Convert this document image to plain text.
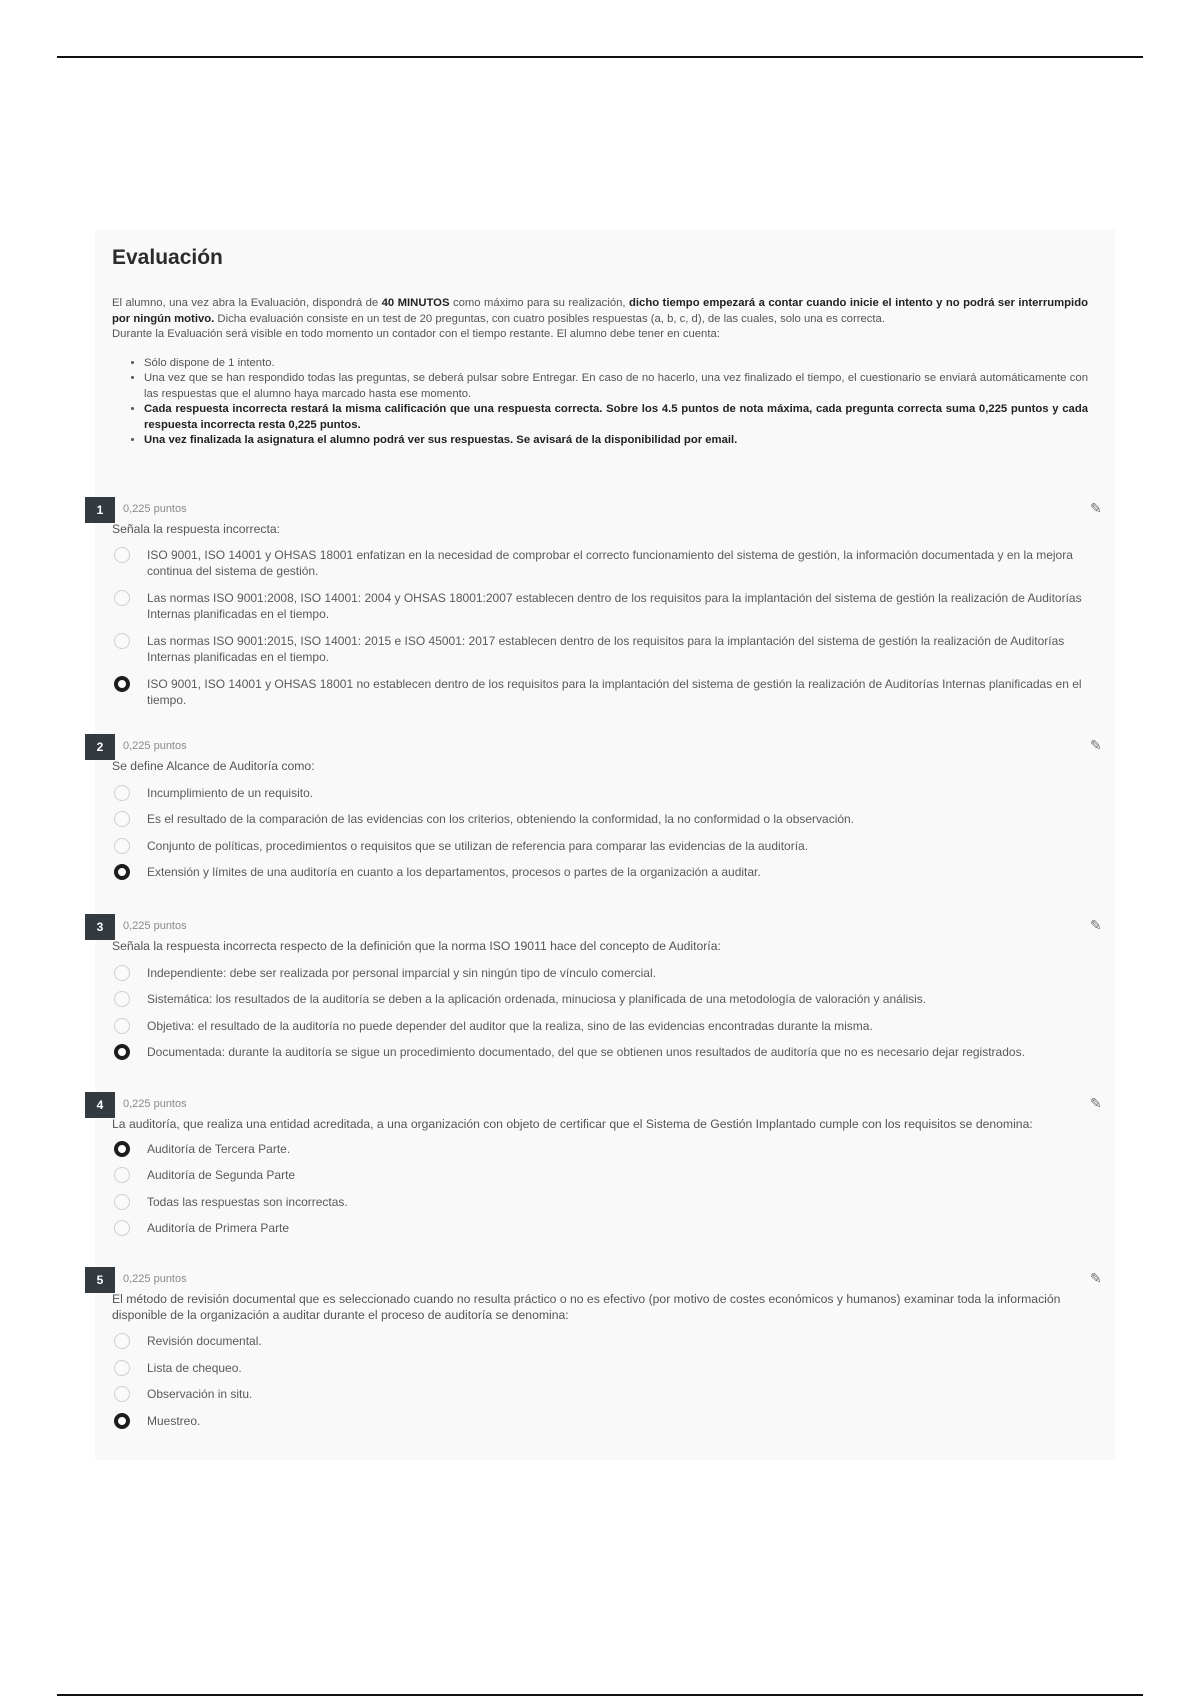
Evaluación

El alumno, una vez abra la Evaluación, dispondrá de 40 MINUTOS como máximo para su realización, dicho tiempo empezará a contar cuando inicie el intento y no podrá ser interrumpido por ningún motivo. Dicha evaluación consiste en un test de 20 preguntas, con cuatro posibles respuestas (a, b, c, d), de las cuales, solo una es correcta.

Durante la Evaluación será visible en todo momento un contador con el tiempo restante. El alumno debe tener en cuenta:

• Sólo dispone de 1 intento.
• Una vez que se han respondido todas las preguntas, se deberá pulsar sobre Entregar. En caso de no hacerlo, una vez finalizado el tiempo, el cuestionario se enviará automáticamente con las respuestas que el alumno haya marcado hasta ese momento.
• Cada respuesta incorrecta restará la misma calificación que una respuesta correcta. Sobre los 4.5 puntos de nota máxima, cada pregunta correcta suma 0,225 puntos y cada respuesta incorrecta resta 0,225 puntos.
• Una vez finalizada la asignatura el alumno podrá ver sus respuestas. Se avisará de la disponibilidad por email.
1	0,225 puntos	✎

Señala la respuesta incorrecta:

ISO 9001, ISO 14001 y OHSAS 18001 enfatizan en la necesidad de comprobar el correcto funcionamiento del sistema de gestión, la información documentada y en la mejora continua del sistema de gestión.
Las normas ISO 9001:2008, ISO 14001: 2004 y OHSAS 18001:2007 establecen dentro de los requisitos para la implantación del sistema de gestión la realización de Auditorías Internas planificadas en el tiempo.
Las normas ISO 9001:2015, ISO 14001: 2015 e ISO 45001: 2017 establecen dentro de los requisitos para la implantación del sistema de gestión la realización de Auditorías Internas planificadas en el tiempo.
ISO 9001, ISO 14001 y OHSAS 18001 no establecen dentro de los requisitos para la implantación del sistema de gestión la realización de Auditorías Internas planificadas en el tiempo.
2	0,225 puntos	✎

Se define Alcance de Auditoría como:

Incumplimiento de un requisito.
Es el resultado de la comparación de las evidencias con los criterios, obteniendo la conformidad, la no conformidad o la observación.
Conjunto de políticas, procedimientos o requisitos que se utilizan de referencia para comparar las evidencias de la auditoría.
Extensión y límites de una auditoría en cuanto a los departamentos, procesos o partes de la organización a auditar.
3	0,225 puntos	✎

Señala la respuesta incorrecta respecto de la definición que la norma ISO 19011 hace del concepto de Auditoría:

Independiente: debe ser realizada por personal imparcial y sin ningún tipo de vínculo comercial.
Sistemática: los resultados de la auditoría se deben a la aplicación ordenada, minuciosa y planificada de una metodología de valoración y análisis.
Objetiva: el resultado de la auditoría no puede depender del auditor que la realiza, sino de las evidencias encontradas durante la misma.
Documentada: durante la auditoría se sigue un procedimiento documentado, del que se obtienen unos resultados de auditoría que no es necesario dejar registrados.
4	0,225 puntos	✎

La auditoría, que realiza una entidad acreditada, a una organización con objeto de certificar que el Sistema de Gestión Implantado cumple con los requisitos se denomina:

Auditoría de Tercera Parte.
Auditoría de Segunda Parte
Todas las respuestas son incorrectas.
Auditoría de Primera Parte
5	0,225 puntos	✎

El método de revisión documental que es seleccionado cuando no resulta práctico o no es efectivo (por motivo de costes económicos y humanos) examinar toda la información disponible de la organización a auditar durante el proceso de auditoría se denomina:

Revisión documental.
Lista de chequeo.
Observación in situ.
Muestreo.
